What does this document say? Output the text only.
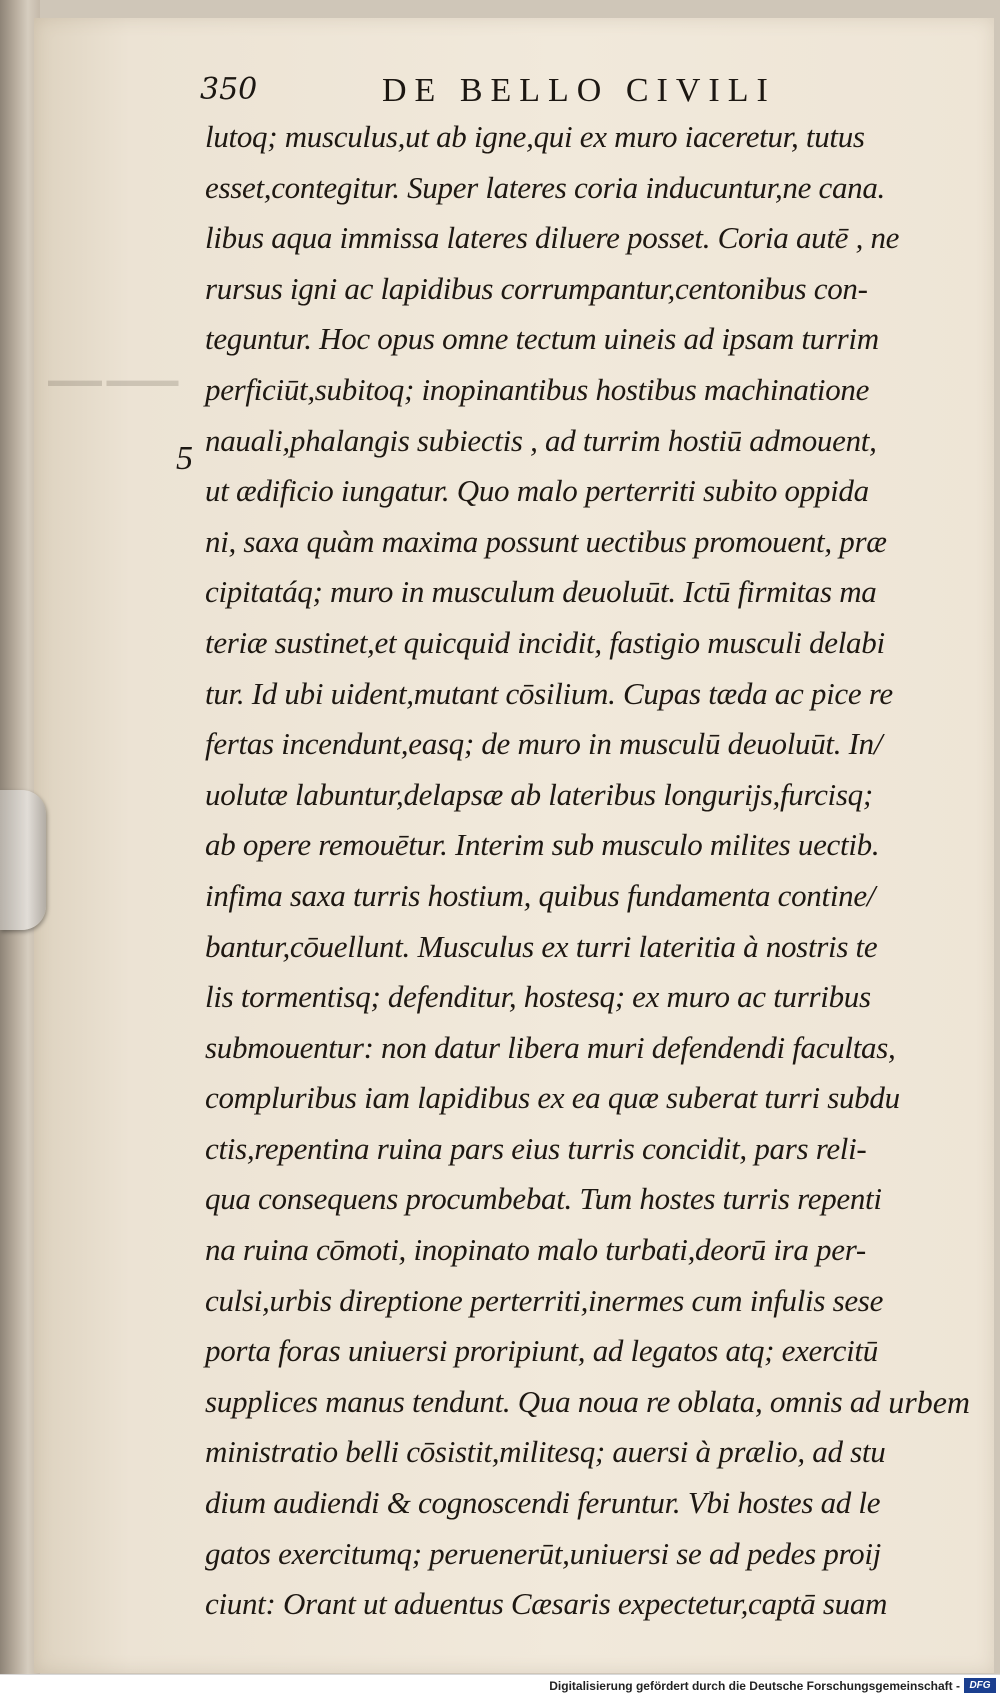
350	DE BELLO CIVILI
▬▬▬ ▬▬▬▬
5
lutoq; musculus,ut ab igne,qui ex muro iaceretur, tutus
esset,contegitur. Super lateres coria inducuntur,ne cana.
libus aqua immissa lateres diluere posset. Coria autē , ne
rursus igni ac lapidibus corrumpantur,centonibus con-
teguntur. Hoc opus omne tectum uineis ad ipsam turrim
perficiūt,subitoq; inopinantibus hostibus machinatione
nauali,phalangis subiectis , ad turrim hostiū admouent,
ut ædificio iungatur. Quo malo perterriti subito oppida
ni, saxa quàm maxima possunt uectibus promouent, præ
cipitatáq; muro in musculum deuoluūt. Ictū firmitas ma
teriæ sustinet,et quicquid incidit, fastigio musculi delabi
tur. Id ubi uident,mutant cōsilium. Cupas tæda ac pice re
fertas incendunt,easq; de muro in musculū deuoluūt. In/
uolutæ labuntur,delapsæ ab lateribus longurijs,furcisq;
ab opere remouētur. Interim sub musculo milites uectib.
infima saxa turris hostium, quibus fundamenta contine/
bantur,cōuellunt. Musculus ex turri lateritia à nostris te
lis tormentisq; defenditur, hostesq; ex muro ac turribus
submouentur: non datur libera muri defendendi facultas,
compluribus iam lapidibus ex ea quæ suberat turri subdu
ctis,repentina ruina pars eius turris concidit, pars reli-
qua consequens procumbebat. Tum hostes turris repenti
na ruina cōmoti, inopinato malo turbati,deorū ira per-
culsi,urbis direptione perterriti,inermes cum infulis sese
porta foras uniuersi proripiunt, ad legatos atq; exercitū
supplices manus tendunt. Qua noua re oblata, omnis ad
ministratio belli cōsistit,militesq; auersi à prælio, ad stu
dium audiendi & cognoscendi feruntur. Vbi hostes ad le
gatos exercitumq; peruenerūt,uniuersi se ad pedes proij
ciunt: Orant ut aduentus Cæsaris expectetur,captā suam
urbem
Digitalisierung gefördert durch die Deutsche Forschungsgemeinschaft - DFG
